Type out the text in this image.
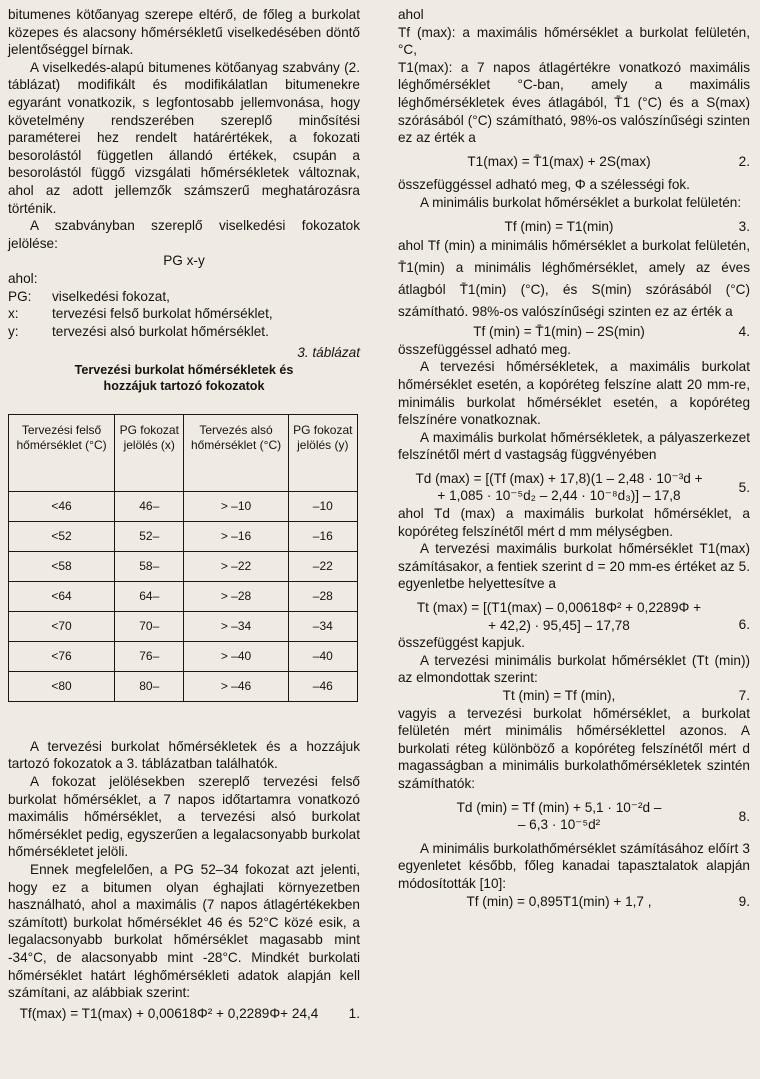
bitumenes kötőanyag szerepe eltérő, de főleg a burkolat közepes és alacsony hőmérsékletű viselkedésében döntő jelentőséggel bírnak.

A viselkedés-alapú bitumenes kötőanyag szabvány (2. táblázat) modifikált és modifikálatlan bitumenekre egyaránt vonatkozik, s legfontosabb jellemvonása, hogy követelmény rendszerében szereplő minősítési paraméterei hez rendelt határértékek, a fokozati besorolástól független állandó értékek, csupán a besorolástól függő vizsgálati hőmérsékletek változnak, ahol az adott jellemzők számszerű meghatározásra történik.

A szabványban szereplő viselkedési fokozatok jelölése:

PG x-y

ahol:

PG:	viselkedési fokozat,
x:	tervezési felső burkolat hőmérséklet,
y:	tervezési alsó burkolat hőmérséklet.
3. táblázat
Tervezési burkolat hőmérsékletek és
hozzájuk tartozó fokozatok
Tervezési felső hőmérséklet (°C)	PG fokozat jelölés (x)	Tervezés alsó hőmérséklet (°C)	PG fokozat jelölés (y)
<46	46–	> –10	–10
<52	52–	> –16	–16
<58	58–	> –22	–22
<64	64–	> –28	–28
<70	70–	> –34	–34
<76	76–	> –40	–40
<80	80–	> –46	–46

A tervezési burkolat hőmérsékletek és a hozzájuk tartozó fokozatok a 3. táblázatban találhatók.

A fokozat jelölésekben szereplő tervezési felső burkolat hőmérséklet, a 7 napos időtartamra vonatkozó maximális hőmérséklet, a tervezési alsó burkolat hőmérséklet pedig, egyszerűen a legalacsonyabb burkolat hőmérsékletet jelöli.

Ennek megfelelően, a PG 52–34 fokozat azt jelenti, hogy ez a bitumen olyan éghajlati környezetben használható, ahol a maximális (7 napos átlagértékekben számított) burkolat hőmérséklet 46 és 52°C közé esik, a legalacsonyabb burkolat hőmérséklet magasabb mint -34°C, de alacsonyabb mint -28°C. Mindkét burkolati hőmérséklet határt léghőmérsékleti adatok alapján kell számítani, az alábbiak szerint:

Tf(max) = T1(max) + 0,00618Φ² + 0,2289Φ+ 24,4 1.

ahol

Tf (max): a maximális hőmérséklet a burkolat felületén, °C,

T1(max): a 7 napos átlagértékre vonatkozó maximális léghőmérséklet °C-ban, amely a maximális léghőmérsékletek éves átlagából, T̄1 (°C) és a S(max) szórásából (°C) számítható, 98%-os valószínűségi szinten ez az érték a

T1(max) = T̄1(max) + 2S(max)	2.

összefüggéssel adható meg, Φ a szélességi fok.

A minimális burkolat hőmérséklet a burkolat felületén:

Tf (min) = T1(min)	3.

ahol Tf (min) a minimális hőmérséklet a burkolat felületén, T̄1(min) a minimális léghőmérséklet, amely az éves átlagból T̄1(min) (°C), és S(min) szórásából (°C) számítható. 98%-os valószínűségi szinten ez az érték a

Tf (min) = T̄1(min) – 2S(min)	4.

összefüggéssel adható meg.

A tervezési hőmérsékletek, a maximális burkolat hőmérséklet esetén, a kopóréteg felszíne alatt 20 mm-re, minimális burkolat hőmérséklet esetén, a kopóréteg felszínére vonatkoznak.

A maximális burkolat hőmérsékletek, a pályaszerkezet felszínétől mért d vastagság függvényében

Td (max) = [(Tf (max) + 17,8)(1 – 2,48 · 10⁻³d +
+ 1,085 · 10⁻⁵d₂ – 2,44 · 10⁻⁸d₃)] – 17,8
5.

ahol Td (max) a maximális burkolat hőmérséklet, a kopóréteg felszínétől mért d mm mélységben.

A tervezési maximális burkolat hőmérséklet T1(max) számításakor, a fentiek szerint d = 20 mm-es értéket az 5. egyenletbe helyettesítve a

Tt (max) = [(T1(max) – 0,00618Φ² + 0,2289Φ +
+ 42,2) · 95,45] – 17,78	6.

összefüggést kapjuk.

A tervezési minimális burkolat hőmérséklet (Tt (min)) az elmondottak szerint:

Tt (min) = Tf (min),	7.

vagyis a tervezési burkolat hőmérséklet, a burkolat felületén mért minimális hőmérséklettel azonos. A burkolati réteg különböző a kopóréteg felszínétől mért d magasságban a minimális burkolathőmérsékletek szintén számíthatók:

Td (min) = Tf (min) + 5,1 · 10⁻²d –
– 6,3 · 10⁻⁵d²
8.

A minimális burkolathőmérséklet számításához előírt 3 egyenletet később, főleg kanadai tapasztalatok alapján módosították [10]:

Tf (min) = 0,895T1(min) + 1,7 ,	9.
